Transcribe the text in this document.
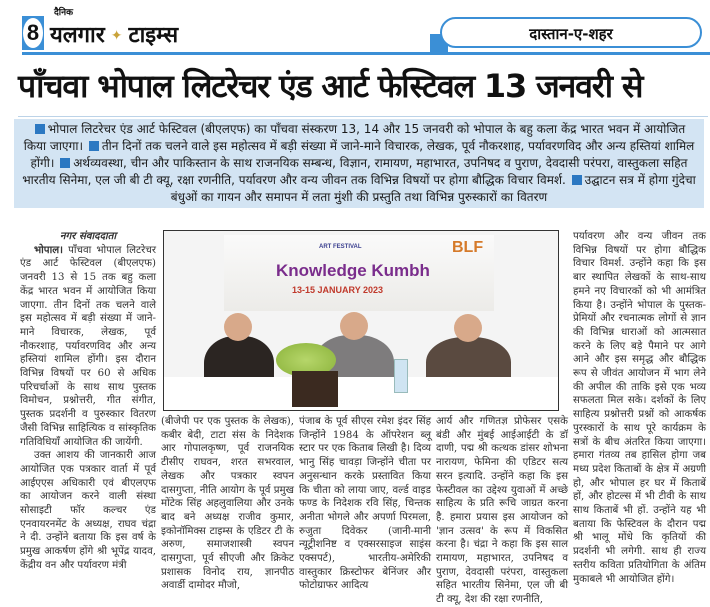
8
दैनिक
यलगार ✦ टाइम्स	दास्तान-ए-शहर
पाँचवा भोपाल लिटरेचर एंड आर्ट फेस्टिवल 13 जनवरी से
भोपाल लिटरेचर एंड आर्ट फेस्टिवल (बीएलएफ) का पाँचवा संस्करण 13, 14 और 15 जनवरी को भोपाल के बहु कला केंद्र भारत भवन में आयोजित किया जाएगा। तीन दिनों तक चलने वाले इस महोत्सव में बड़ी संख्या में जाने-माने विचारक, लेखक, पूर्व नौकरशाह, पर्यावरणविद और अन्य हस्तियां शामिल होंगी। अर्थव्यवस्था, चीन और पाकिस्तान के साथ राजनयिक सम्बन्ध, विज्ञान, रामायण, महाभारत, उपनिषद व पुराण, देवदासी परंपरा, वास्तुकला सहित भारतीय सिनेमा, एल जी बी टी क्यू, रक्षा रणनीति, पर्यावरण और वन्य जीवन तक विभिन्न विषयों पर होगा बौद्धिक विचार विमर्श. उद्घाटन सत्र में होगा गुंदेचा बंधुओं का गायन और समापन में लता मुंशी की प्रस्तुति तथा विभिन्न पुरुस्कारों का वितरण
नगर संवाददाता
भोपाल। पाँचवा भोपाल लिटरेचर एंड आर्ट फेस्टिवल (बीएलएफ) जनवरी 13 से 15 तक बहु कला केंद्र भारत भवन में आयोजित किया जाएगा. तीन दिनों तक चलने वाले इस महोत्सव में बड़ी संख्या में जाने-माने विचारक, लेखक, पूर्व नौकरशाह, पर्यावरणविद और अन्य हस्तियां शामिल होंगी। इस दौरान विभिन्न विषयों पर 60 से अधिक परिचर्चाओं के साथ साथ पुस्तक विमोचन, प्रश्नोत्तरी, गीत संगीत, पुस्तक प्रदर्शनी व पुरुस्कार वितरण जैसी विभिन्न साहित्यिक व सांस्कृतिक गतिविधियाँ आयोजित की जायेंगी.
उक्त आशय की जानकारी आज आयोजित एक पत्रकार वार्ता में पूर्व आईएएस अधिकारी एवं बीएलएफ का आयोजन करने वाली संस्था सोसाइटी फॉर कल्चर एंड एनवायरनमेंट के अध्यक्ष, राघव चंद्रा ने दी. उन्होंने बताया कि इस वर्ष के प्रमुख आकर्षण होंगे श्री भूपेंद्र यादव, केंद्रीय वन और पर्यावरण मंत्री
ART FESTIVAL	BLF
Knowledge Kumbh
13-15 JANUARY 2023
(बीजेपी पर एक पुस्तक के लेखक), कबीर बेदी, टाटा संस के निदेशक आर गोपालकृष्ण, पूर्व राजनयिक टीसीए राघवन, शरत सभरवाल, लेखक और पत्रकार स्वपन दासगुप्ता, नीति आयोग के पूर्व प्रमुख मोंटेक सिंह अहलुवालिया और उनके बाद बने अध्यक्ष राजीव कुमार, इकोनॉमिक्स टाइम्स के एडिटर टी के अरुण, समाजशास्त्री स्वपन दासगुप्ता, पूर्व सीएजी और क्रिकेट प्रशासक विनोद राय, ज्ञानपीठ अवार्डी दामोदर मौजो,
पंजाब के पूर्व सीएस रमेश इंदर सिंह जिन्होंने 1984 के ऑपरेशन ब्लू स्टार पर एक किताब लिखी है। दिव्य भानु सिंह चावड़ा जिन्होंने चीता पर अनुसन्धान करके प्रस्तावित किया कि चीता को लाया जाए, वर्ल्ड वाइड फण्ड के निदेशक रवि सिंह, चिन्तक अनीता भोगले और अपर्णा पिरमला, रुजुता दिवेकर (जानी-मानी न्यूट्रीशनिष्ट व एक्सरसाइज साइंस एक्सपर्ट), भारतीय-अमेरिकी वास्तुकार क्रिस्टोफर बेनिंजर और फोटोग्राफर आदित्य
आर्य और गणितज्ञ प्रोफेसर एसके बंडी और मुंबई आईआईटी के डॉ दाणी, पद्म श्री कत्थक डांसर शोभना नारायण, फेमिना की एडिटर सत्य सरन इत्यादि. उन्होंने कहा कि इस फेस्टीवल का उद्देश्य युवाओं में अच्छे साहित्य के प्रति रूचि जाग्रत करना है. हमारा प्रयास इस आयोजन को 'ज्ञान उत्सव' के रूप में विकसित करना है। चंद्रा ने कहा कि इस साल रामायण, महाभारत, उपनिषद व पुराण, देवदासी परंपरा, वास्तुकला सहित भारतीय सिनेमा, एल जी बी टी क्यू, देश की रक्षा रणनीति,
पर्यावरण और वन्य जीवन तक विभिन्न विषयों पर होगा बौद्धिक विचार विमर्श. उन्होंने कहा कि इस बार स्थापित लेखकों के साथ-साथ हमने नए विचारकों को भी आमंत्रित किया है। उन्होंने भोपाल के पुस्तक-प्रेमियों और रचनात्मक लोगों से ज्ञान की विभिन्न धाराओं को आत्मसात करने के लिए बड़े पैमाने पर आगे आने और इस समृद्ध और बौद्धिक रूप से जीवंत आयोजन में भाग लेने की अपील की ताकि इसे एक भव्य सफलता मिल सके। दर्शकों के लिए साहित्य प्रश्नोत्तरी प्रश्नों को आकर्षक पुरस्कारों के साथ पूरे कार्यक्रम के सत्रों के बीच अंतरित किया जाएगा। हमारा गंतव्य तब हासिल होगा जब मध्य प्रदेश किताबों के क्षेत्र में अग्रणी हो, और भोपाल हर घर में किताबें हों, और होटल्स में भी टीवी के साथ साथ किताबें भी हों. उन्होंने यह भी बताया कि फेस्टिवल के दौरान पद्म श्री भालू मोंधे कि कृतियों की प्रदर्शनी भी लगेगी. साथ ही राज्य स्तरीय कविता प्रतियोगिता के अंतिम मुकाबले भी आयोजित होंगे।
